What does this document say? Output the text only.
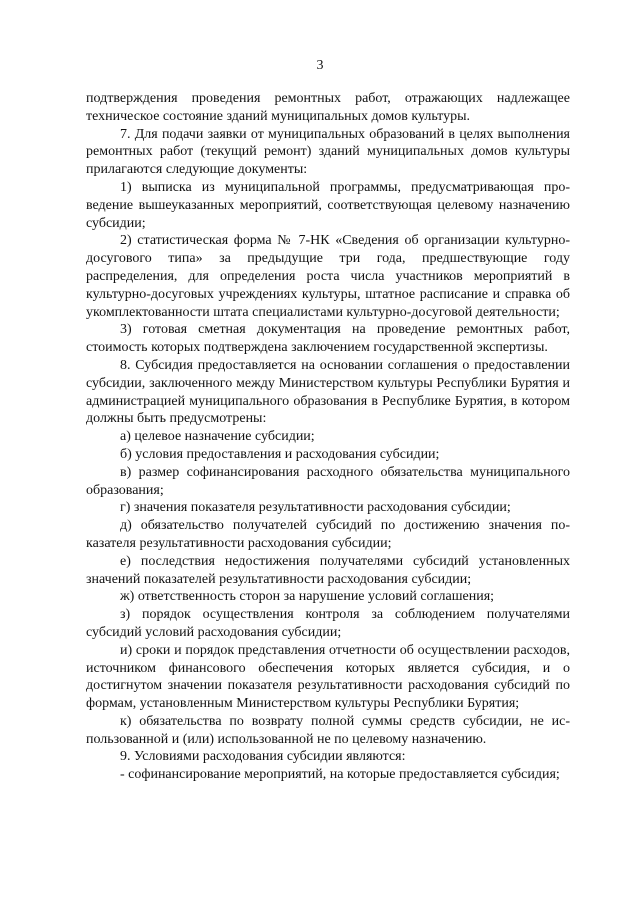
3

подтверждения проведения ремонтных работ, отражающих надлежащее техническое состояние зданий муниципальных домов культуры.

7. Для подачи заявки от муниципальных образований в целях выполнения ремонтных работ (текущий ремонт) зданий муниципальных домов культуры прилагаются следующие документы:

1) выписка из муниципальной программы, предусматривающая проведение вышеуказанных мероприятий, соответствующая целевому назначению субсидии;

2) статистическая форма № 7-НК «Сведения об организации культурно-досугового типа» за предыдущие три года, предшествующие году распределения, для определения роста числа участников мероприятий в культурно-досуговых учреждениях культуры, штатное расписание и справка об укомплектованности штата специалистами культурно-досуговой деятельности;

3) готовая сметная документация на проведение ремонтных работ, стоимость которых подтверждена заключением государственной экспертизы.

8. Субсидия предоставляется на основании соглашения о предоставлении субсидии, заключенного между Министерством культуры Республики Бурятия и администрацией муниципального образования в Республике Бурятия, в котором должны быть предусмотрены:

а) целевое назначение субсидии;

б) условия предоставления и расходования субсидии;

в) размер софинансирования расходного обязательства муниципального образования;

г) значения показателя результативности расходования субсидии;

д) обязательство получателей субсидий по достижению значения показателя результативности расходования субсидии;

е) последствия недостижения получателями субсидий установленных значений показателей результативности расходования субсидии;

ж) ответственность сторон за нарушение условий соглашения;

з) порядок осуществления контроля за соблюдением получателями субсидий условий расходования субсидии;

и) сроки и порядок представления отчетности об осуществлении расходов, источником финансового обеспечения которых является субсидия, и о достигнутом значении показателя результативности расходования субсидий по формам, установленным Министерством культуры Республики Бурятия;

к) обязательства по возврату полной суммы средств субсидии, не использованной и (или) использованной не по целевому назначению.

9. Условиями расходования субсидии являются:

- софинансирование мероприятий, на которые предоставляется субсидия;
